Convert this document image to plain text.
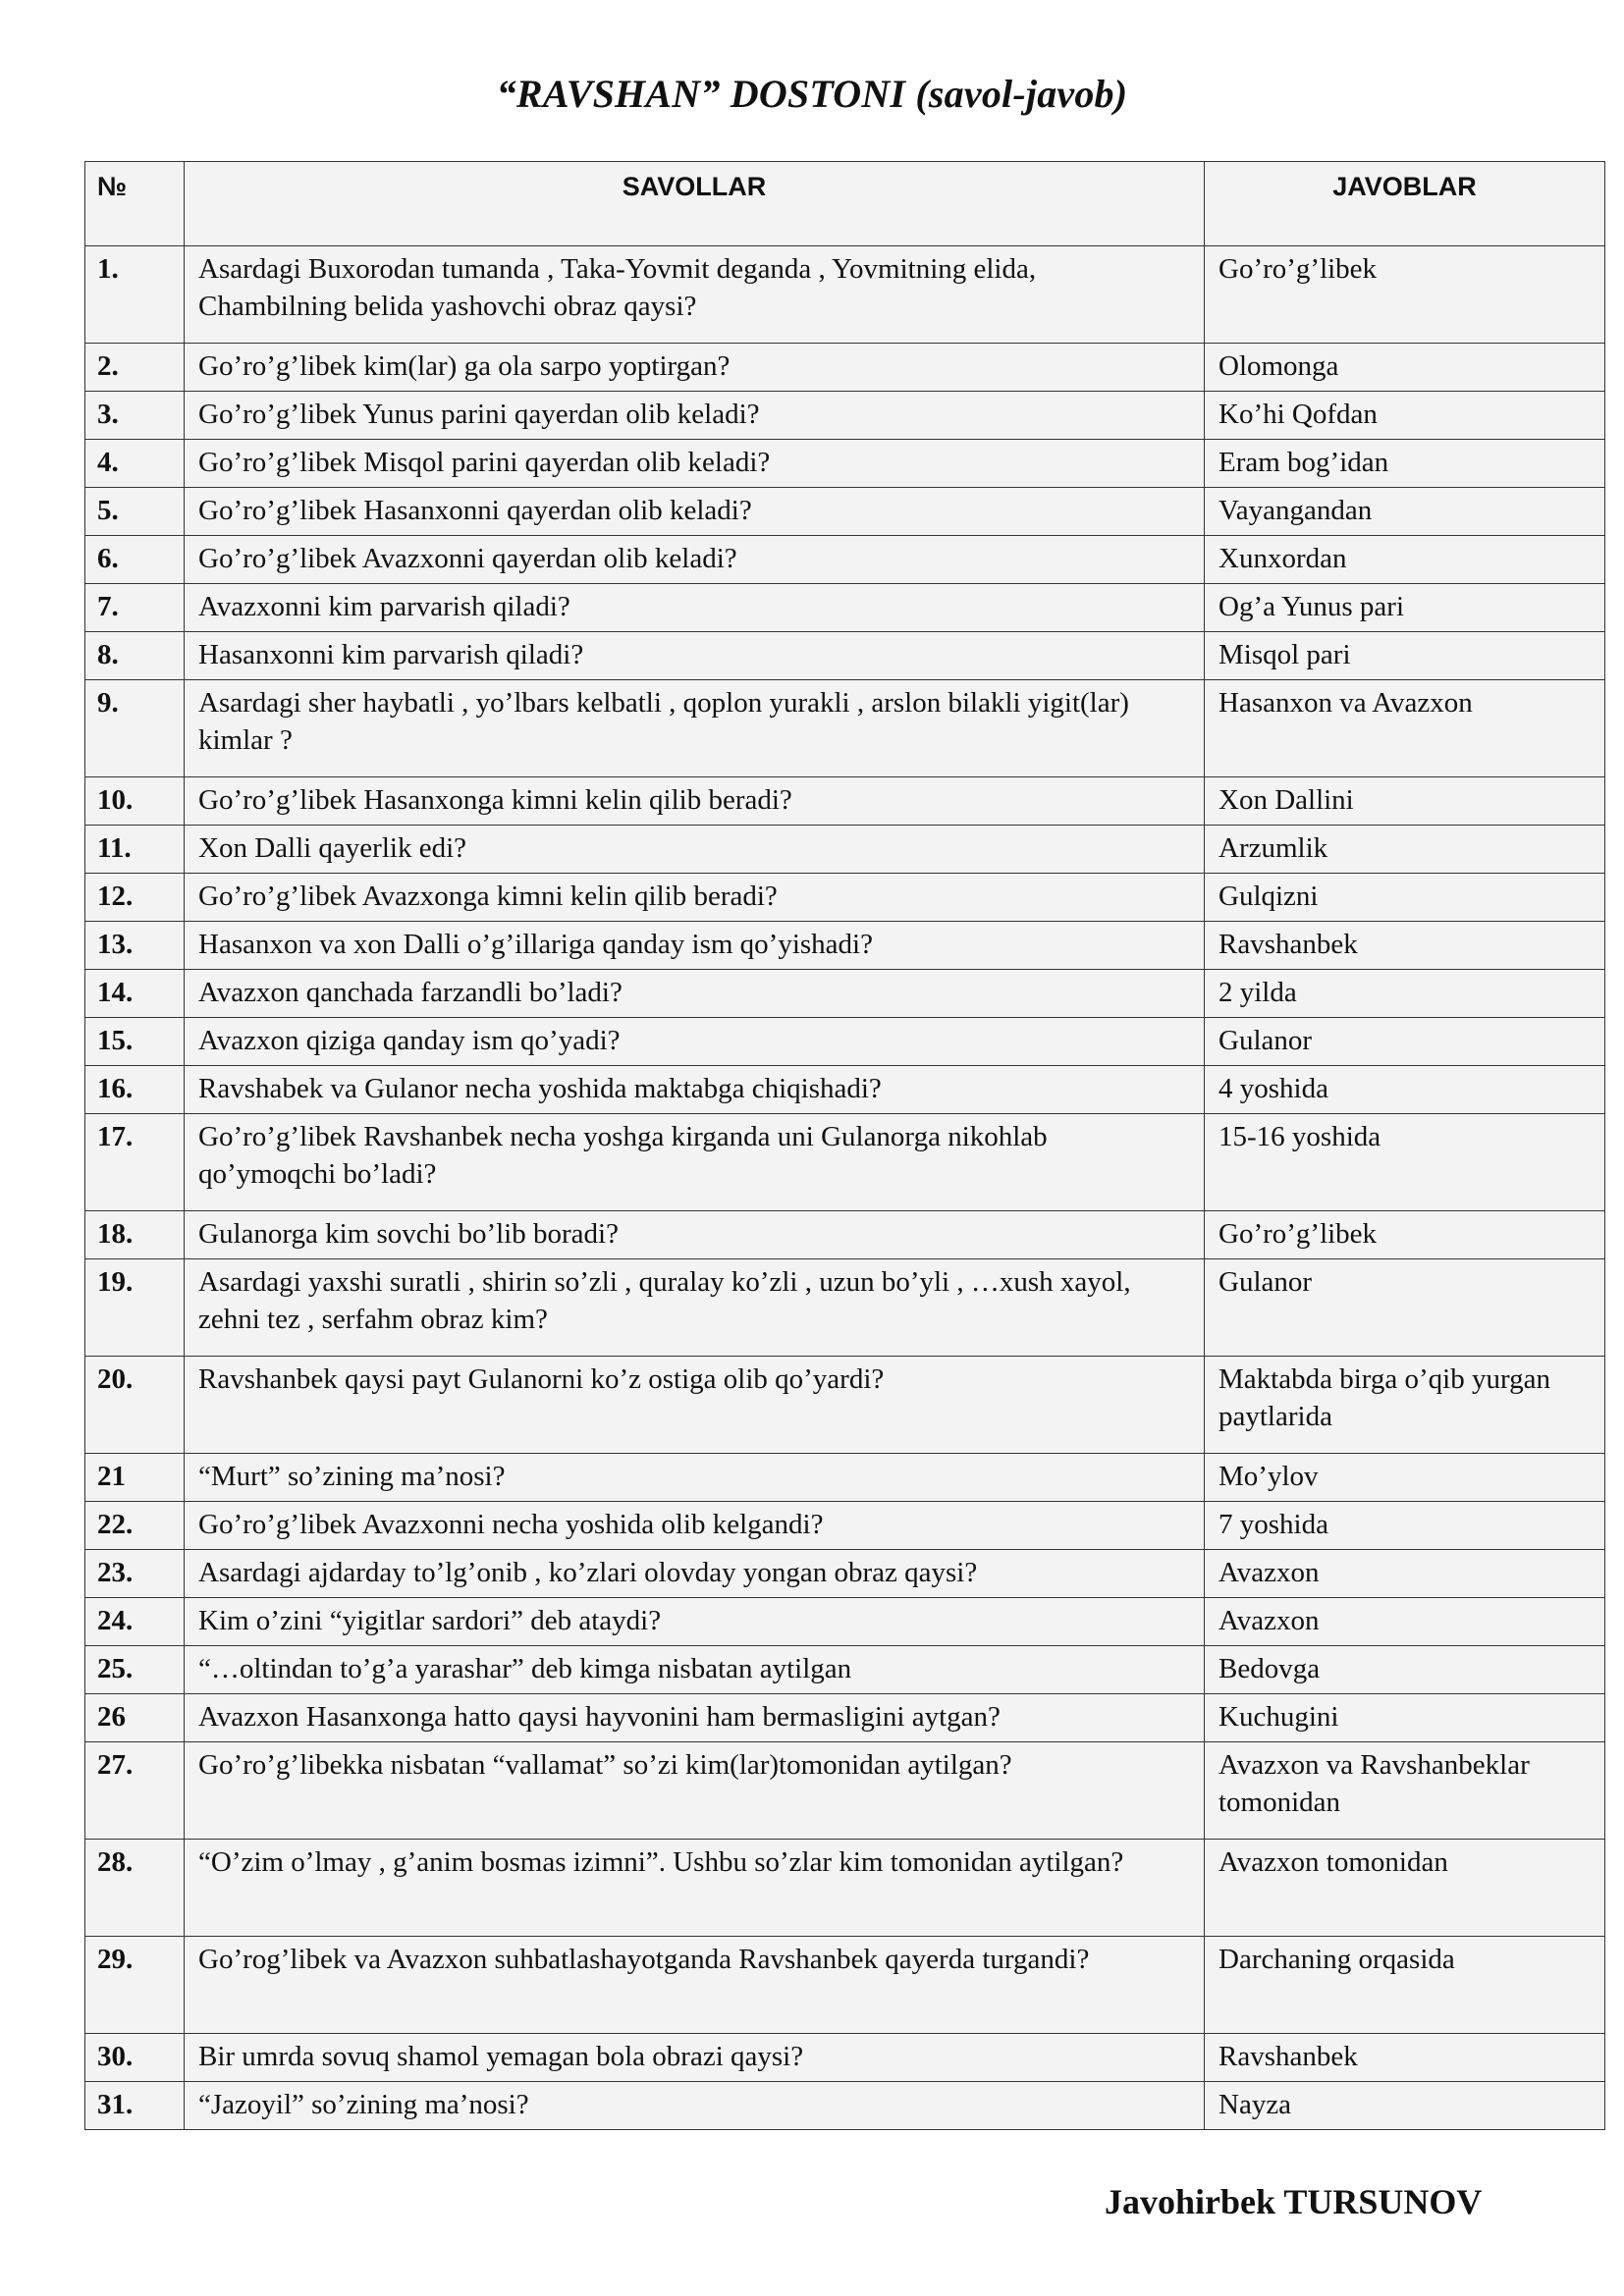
“RAVSHAN” DOSTONI (savol-javob)
№	SAVOLLAR	JAVOBLAR
1.	Asardagi Buxorodan tumanda , Taka-Yovmit deganda , Yovmitning elida, Chambilning belida yashovchi obraz qaysi?	Go’ro’g’libek
2.	Go’ro’g’libek kim(lar) ga ola sarpo yoptirgan?	Olomonga
3.	Go’ro’g’libek Yunus parini qayerdan olib keladi?	Ko’hi Qofdan
4.	Go’ro’g’libek Misqol parini qayerdan olib keladi?	Eram bog’idan
5.	Go’ro’g’libek Hasanxonni qayerdan olib keladi?	Vayangandan
6.	Go’ro’g’libek Avazxonni qayerdan olib keladi?	Xunxordan
7.	Avazxonni kim parvarish qiladi?	Og’a Yunus pari
8.	Hasanxonni kim parvarish qiladi?	Misqol pari
9.	Asardagi sher haybatli , yo’lbars kelbatli , qoplon yurakli , arslon bilakli yigit(lar) kimlar ?	Hasanxon va Avazxon
10.	Go’ro’g’libek Hasanxonga kimni kelin qilib beradi?	Xon Dallini
11.	Xon Dalli qayerlik edi?	Arzumlik
12.	Go’ro’g’libek Avazxonga kimni kelin qilib beradi?	Gulqizni
13.	Hasanxon va xon Dalli o’g’illariga qanday ism qo’yishadi?	Ravshanbek
14.	Avazxon qanchada farzandli bo’ladi?	2 yilda
15.	Avazxon qiziga qanday ism qo’yadi?	Gulanor
16.	Ravshabek va Gulanor necha yoshida maktabga chiqishadi?	4 yoshida
17.	Go’ro’g’libek Ravshanbek necha yoshga kirganda uni Gulanorga nikohlab qo’ymoqchi bo’ladi?	15-16 yoshida
18.	Gulanorga kim sovchi bo’lib boradi?	Go’ro’g’libek
19.	Asardagi yaxshi suratli , shirin so’zli , quralay ko’zli , uzun bo’yli , …xush xayol, zehni tez , serfahm obraz kim?	Gulanor
20.	Ravshanbek qaysi payt Gulanorni ko’z ostiga olib qo’yardi?	Maktabda birga o’qib yurgan paytlarida
21	“Murt” so’zining ma’nosi?	Mo’ylov
22.	Go’ro’g’libek Avazxonni necha yoshida olib kelgandi?	7 yoshida
23.	Asardagi ajdarday to’lg’onib , ko’zlari olovday yongan obraz qaysi?	Avazxon
24.	Kim o’zini “yigitlar sardori” deb ataydi?	Avazxon
25.	“…oltindan to’g’a yarashar” deb kimga nisbatan aytilgan	Bedovga
26	Avazxon Hasanxonga hatto qaysi hayvonini ham bermasligini aytgan?	Kuchugini
27.	Go’ro’g’libekka nisbatan “vallamat” so’zi kim(lar)tomonidan aytilgan?	Avazxon va Ravshanbeklar tomonidan
28.	“O’zim o’lmay , g’anim bosmas izimni”. Ushbu so’zlar kim tomonidan aytilgan?	Avazxon tomonidan
29.	Go’rog’libek va Avazxon suhbatlashayotganda Ravshanbek qayerda turgandi?	Darchaning orqasida
30.	Bir umrda sovuq shamol yemagan bola obrazi qaysi?	Ravshanbek
31.	“Jazoyil” so’zining ma’nosi?	Nayza
Javohirbek TURSUNOV
